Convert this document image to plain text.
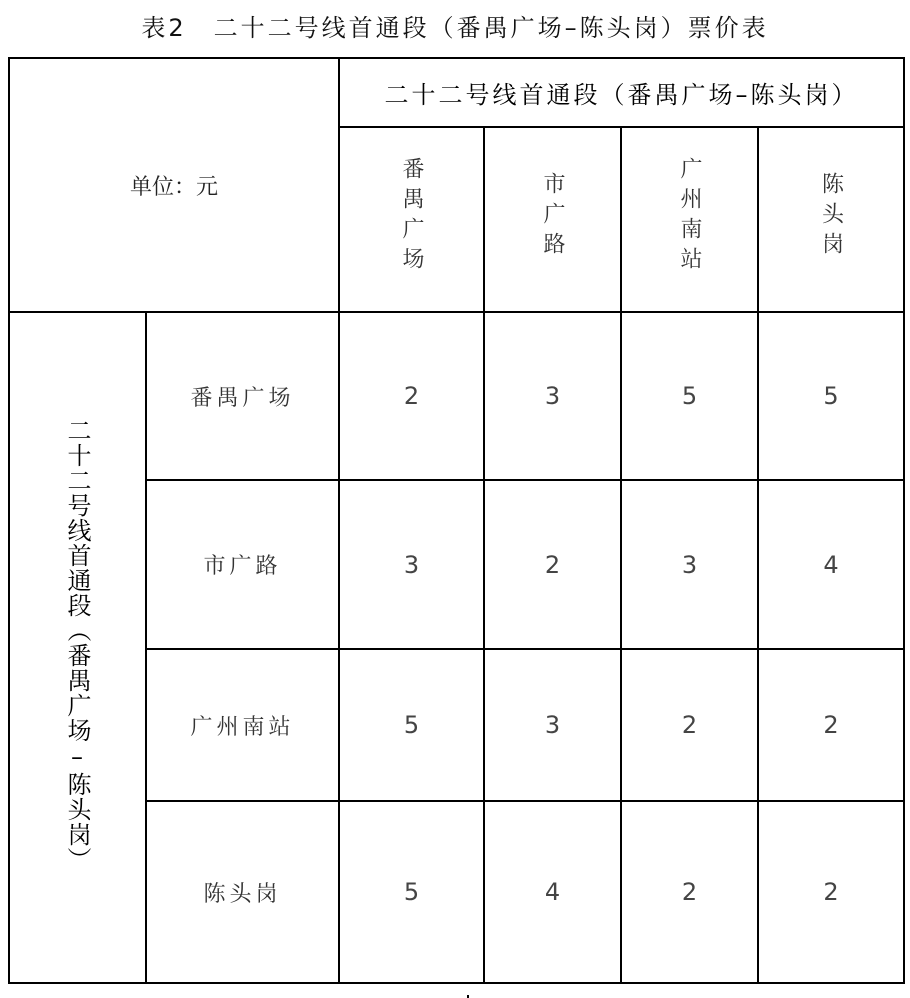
表2　二十二号线首通段（番禺广场–陈头岗）票价表
单位：元		二十二号线首通段（番禺广场–陈头岗）			
		番禺广场	市广路	广州南站	陈头岗
二十二号线首通段（番禺广场–陈头岗）	番禺广场	2	3	5	5
	市广路	3	2	3	4
	广州南站	5	3	2	2
	陈头岗	5	4	2	2
